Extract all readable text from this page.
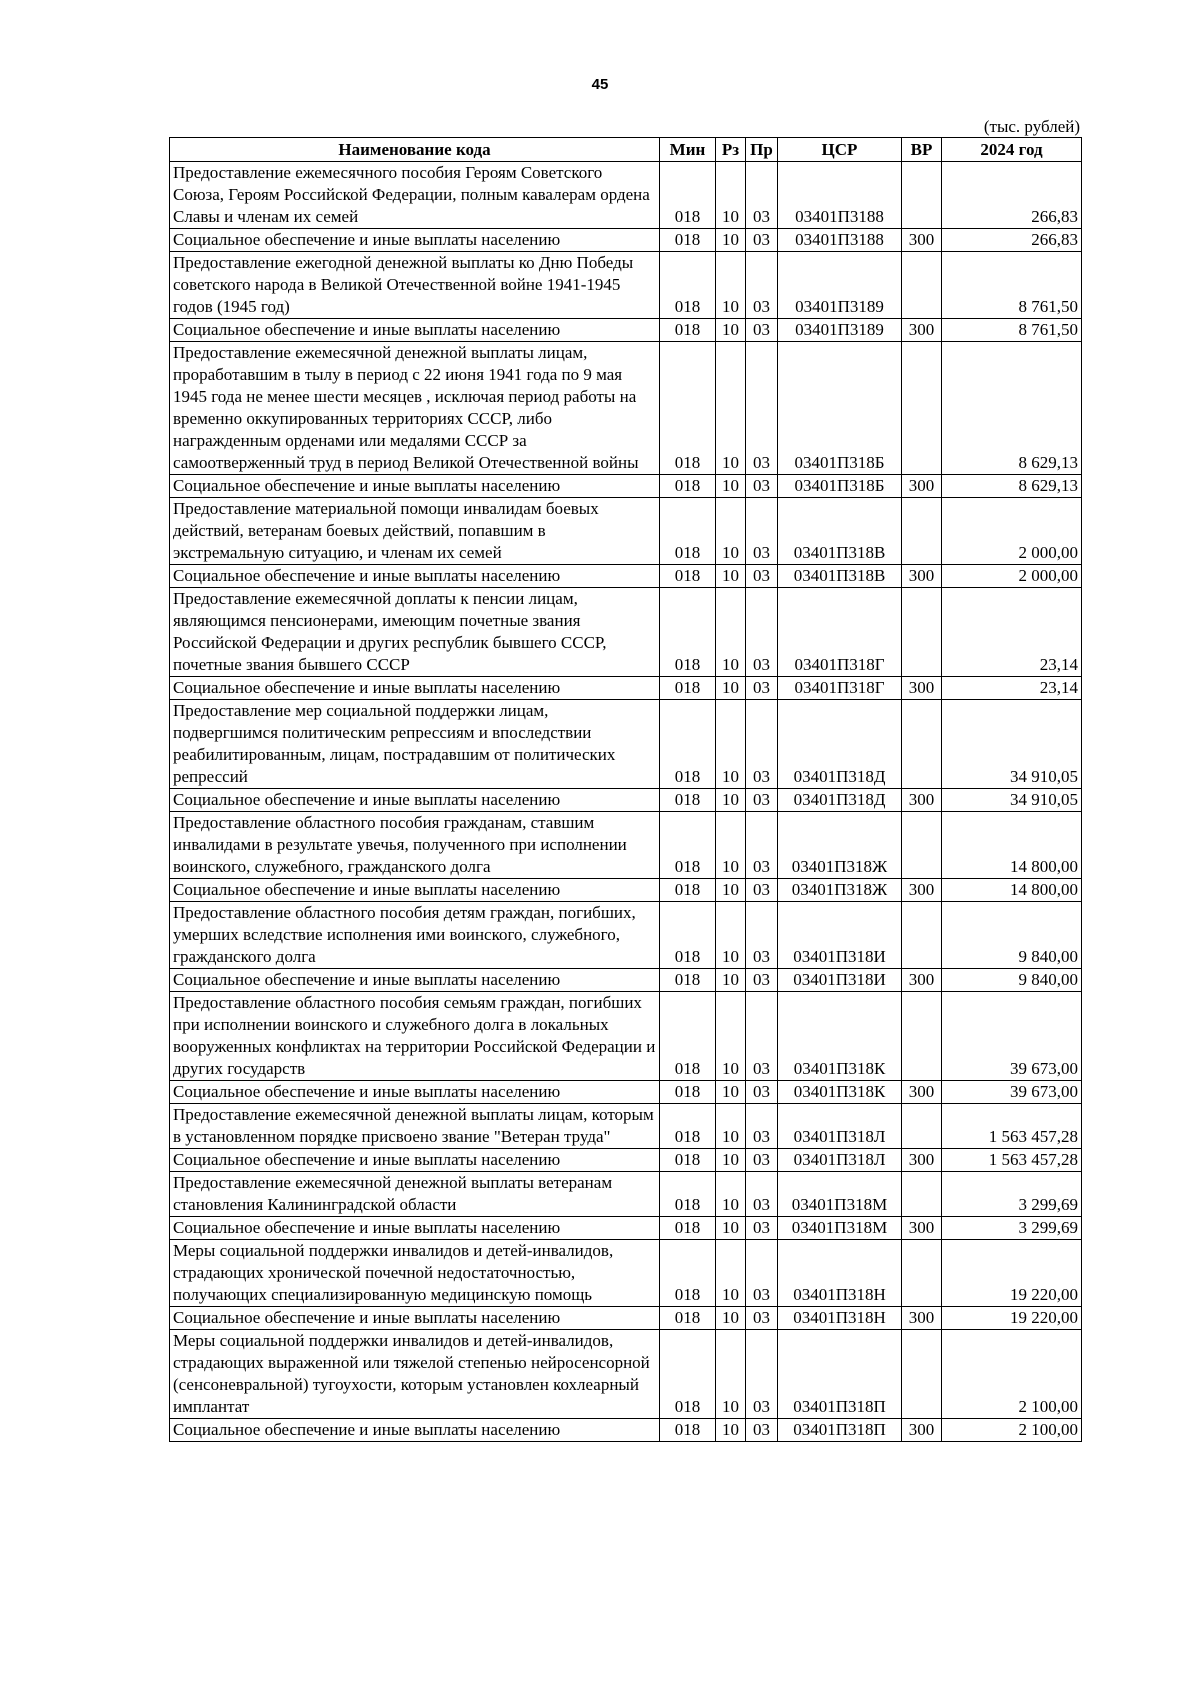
45
(тыс. рублей)
Наименование кода	Мин	Рз	Пр	ЦСР	ВР	2024 год
Предоставление ежемесячного пособия Героям Советского Союза, Героям Российской Федерации, полным кавалерам ордена Славы и членам их семей	018	10	03	03401П3188		266,83
Социальное обеспечение и иные выплаты населению	018	10	03	03401П3188	300	266,83
Предоставление ежегодной денежной выплаты ко Дню Победы советского народа в Великой Отечественной войне 1941-1945 годов (1945 год)	018	10	03	03401П3189		8 761,50
Социальное обеспечение и иные выплаты населению	018	10	03	03401П3189	300	8 761,50
Предоставление ежемесячной денежной выплаты лицам, проработавшим в тылу в период с 22 июня 1941 года по 9 мая 1945 года не менее шести месяцев , исключая период работы на временно оккупированных территориях СССР, либо награжденным орденами или медалями СССР за самоотверженный труд в период Великой Отечественной войны	018	10	03	03401П318Б		8 629,13
Социальное обеспечение и иные выплаты населению	018	10	03	03401П318Б	300	8 629,13
Предоставление материальной помощи инвалидам боевых действий, ветеранам боевых действий, попавшим в экстремальную ситуацию, и членам их семей	018	10	03	03401П318В		2 000,00
Социальное обеспечение и иные выплаты населению	018	10	03	03401П318В	300	2 000,00
Предоставление ежемесячной доплаты к пенсии лицам, являющимся пенсионерами, имеющим почетные звания Российской Федерации и других республик бывшего СССР, почетные звания бывшего СССР	018	10	03	03401П318Г		23,14
Социальное обеспечение и иные выплаты населению	018	10	03	03401П318Г	300	23,14
Предоставление мер социальной поддержки лицам, подвергшимся политическим репрессиям и впоследствии реабилитированным, лицам, пострадавшим от политических репрессий	018	10	03	03401П318Д		34 910,05
Социальное обеспечение и иные выплаты населению	018	10	03	03401П318Д	300	34 910,05
Предоставление областного пособия гражданам, ставшим инвалидами в результате увечья, полученного при исполнении воинского, служебного, гражданского долга	018	10	03	03401П318Ж		14 800,00
Социальное обеспечение и иные выплаты населению	018	10	03	03401П318Ж	300	14 800,00
Предоставление областного пособия детям граждан, погибших, умерших вследствие исполнения ими воинского, служебного, гражданского долга	018	10	03	03401П318И		9 840,00
Социальное обеспечение и иные выплаты населению	018	10	03	03401П318И	300	9 840,00
Предоставление областного пособия семьям граждан, погибших при исполнении воинского и служебного долга в локальных вооруженных конфликтах на территории Российской Федерации и других государств	018	10	03	03401П318К		39 673,00
Социальное обеспечение и иные выплаты населению	018	10	03	03401П318К	300	39 673,00
Предоставление ежемесячной денежной выплаты лицам, которым в установленном порядке присвоено звание "Ветеран труда"	018	10	03	03401П318Л		1 563 457,28
Социальное обеспечение и иные выплаты населению	018	10	03	03401П318Л	300	1 563 457,28
Предоставление ежемесячной денежной выплаты ветеранам становления Калининградской области	018	10	03	03401П318М		3 299,69
Социальное обеспечение и иные выплаты населению	018	10	03	03401П318М	300	3 299,69
Меры социальной поддержки инвалидов и детей-инвалидов, страдающих хронической почечной недостаточностью, получающих специализированную медицинскую помощь	018	10	03	03401П318Н		19 220,00
Социальное обеспечение и иные выплаты населению	018	10	03	03401П318Н	300	19 220,00
Меры социальной поддержки инвалидов и детей-инвалидов, страдающих выраженной или тяжелой степенью нейросенсорной (сенсоневральной) тугоухости, которым установлен кохлеарный имплантат	018	10	03	03401П318П		2 100,00
Социальное обеспечение и иные выплаты населению	018	10	03	03401П318П	300	2 100,00
